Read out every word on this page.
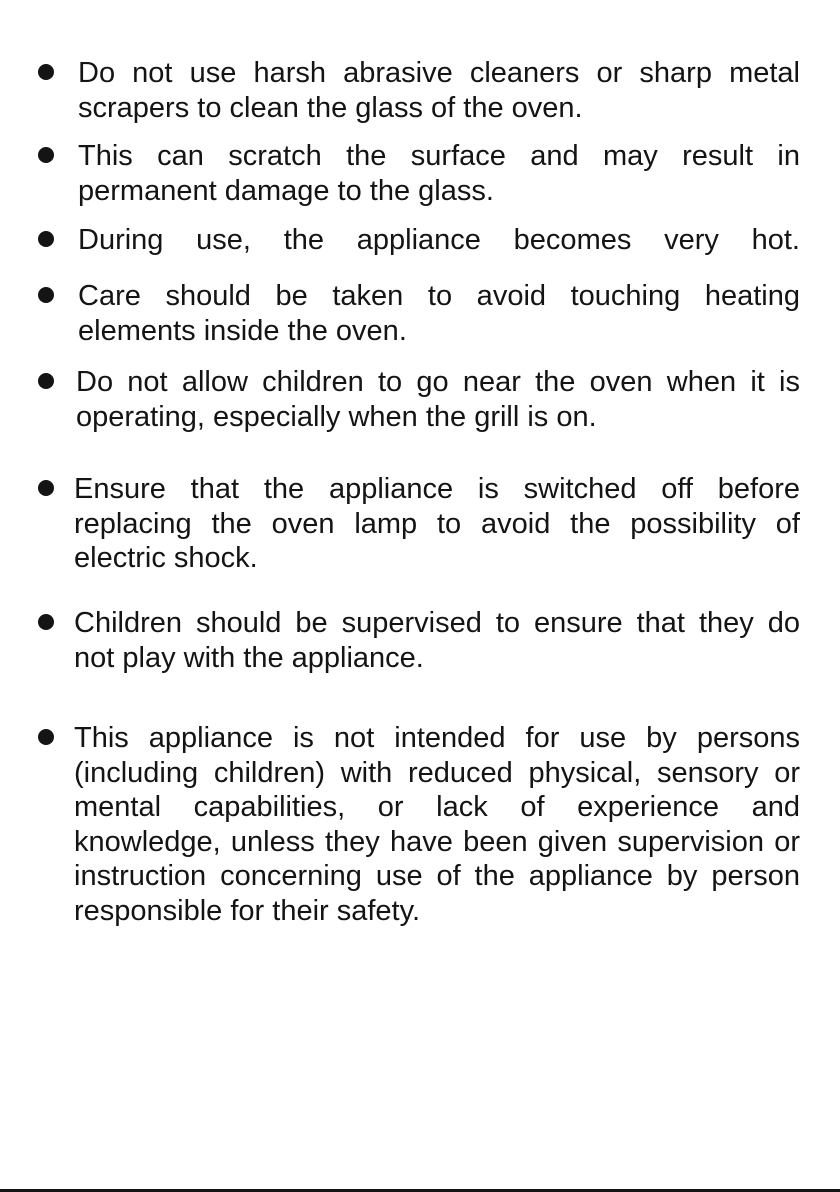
Do not use harsh abrasive cleaners or sharp metal scrapers to clean the glass of the oven.

This can scratch the surface and may result in permanent damage to the glass.

During use, the appliance becomes very hot.

Care should be taken to avoid touching heating elements inside the oven.

Do not allow children to go near the oven when it is operating, especially when the grill is on.

Ensure that the appliance is switched off before replacing the oven lamp to avoid the possibility of electric shock.

Children should be supervised to ensure that they do not play with the appliance.

This appliance is not intended for use by persons (including children) with reduced physical, sensory or mental capabilities, or lack of experience and knowledge, unless they have been given supervision or instruction concerning use of the appliance by person responsible for their safety.
